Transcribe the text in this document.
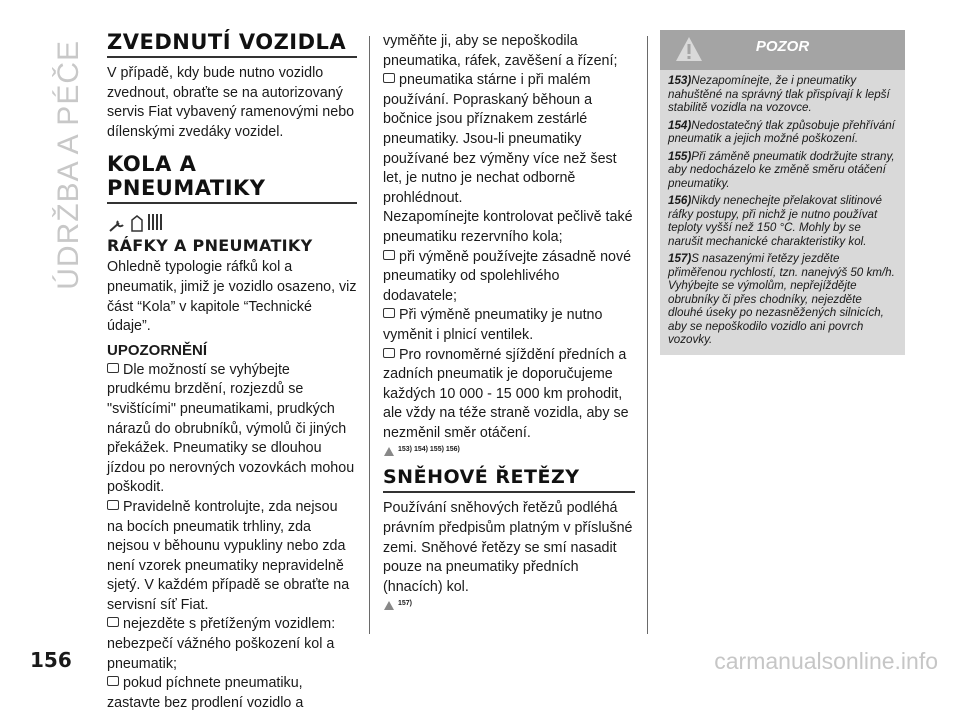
ÚDRŽBA A PÉČE ZVEDNUTÍ VOZIDLA

V případě, kdy bude nutno vozidlo zvednout, obraťte se na autorizovaný servis Fiat vybavený ramenovými nebo dílenskými zvedáky vozidel.

KOLA A PNEUMATIKY
RÁFKY A PNEUMATIKY

Ohledně typologie ráfků kol a pneumatik, jimiž je vozidlo osazeno, viz část “Kola” v kapitole “Technické údaje”.

UPOZORNĚNÍ

Dle možností se vyhýbejte prudkému brzdění, rozjezdů se "svištícími" pneumatikami, prudkých nárazů do obrubníků, výmolů či jiných překážek. Pneumatiky se dlouhou jízdou po nerovných vozovkách mohou poškodit.

Pravidelně kontrolujte, zda nejsou na bocích pneumatik trhliny, zda nejsou v běhounu vypukliny nebo zda není vzorek pneumatiky nepravidelně sjetý. V každém případě se obraťte na servisní síť Fiat.

nejezděte s přetíženým vozidlem: nebezpečí vážného poškození kol a pneumatik;

pokud píchnete pneumatiku, zastavte bez prodlení vozidlo a

vyměňte ji, aby se nepoškodila pneumatika, ráfek, zavěšení a řízení;

pneumatika stárne i při malém používání. Popraskaný běhoun a bočnice jsou příznakem zestárlé pneumatiky. Jsou-li pneumatiky používané bez výměny více než šest let, je nutno je nechat odborně prohlédnout.

Nezapomínejte kontrolovat pečlivě také pneumatiku rezervního kola;

při výměně používejte zásadně nové pneumatiky od spolehlivého dodavatele;

Při výměně pneumatiky je nutno vyměnit i plnicí ventilek.

Pro rovnoměrné sjíždění předních a zadních pneumatik je doporučujeme každých 10 000 - 15 000 km prohodit, ale vždy na téže straně vozidla, aby se nezměnil směr otáčení.

153) 154) 155) 156)
SNĚHOVÉ ŘETĚZY

Používání sněhových řetězů podléhá právním předpisům platným v příslušné zemi. Sněhové řetězy se smí nasadit pouze na pneumatiky předních (hnacích) kol.

157)
POZOR
153)Nezapomínejte, že i pneumatiky nahuštěné na správný tlak přispívají k lepší stabilitě vozidla na vozovce.
154)Nedostatečný tlak způsobuje přehřívání pneumatik a jejich možné poškození.
155)Při záměně pneumatik dodržujte strany, aby nedocházelo ke změně směru otáčení pneumatiky.
156)Nikdy nenechejte přelakovat slitinové ráfky postupy, při nichž je nutno používat teploty vyšší než 150 °C. Mohly by se narušit mechanické charakteristiky kol.
157)S nasazenými řetězy jezděte přiměřenou rychlostí, tzn. nanejvýš 50 km/h. Vyhýbejte se výmolům, nepřejíždějte obrubníky či přes chodníky, nejezděte dlouhé úseky po nezasněžených silnicích, aby se nepoškodilo vozidlo ani povrch vozovky.
156	carmanualsonline.info
